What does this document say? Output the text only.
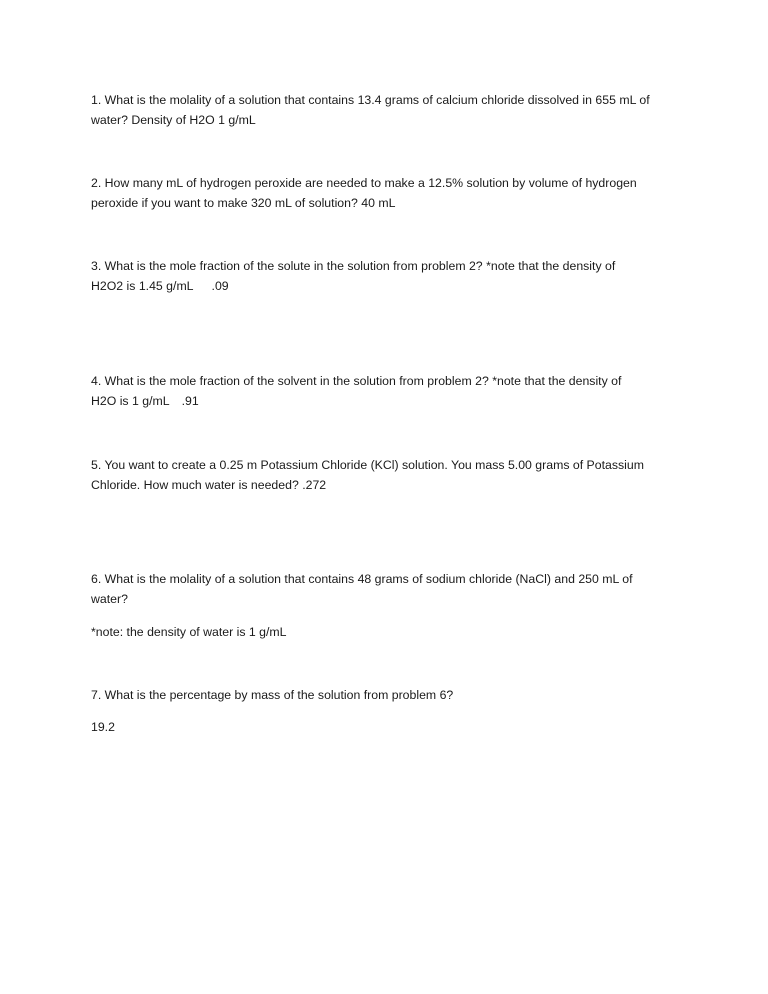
1. What is the molality of a solution that contains 13.4 grams of calcium chloride dissolved in 655 mL of
water? Density of H2O 1 g/mL

2. How many mL of hydrogen peroxide are needed to make a 12.5% solution by volume of hydrogen
peroxide if you want to make 320 mL of solution? 40 mL

3. What is the mole fraction of the solute in the solution from problem 2? *note that the density of
H2O2 is 1.45 g/mL .09

4. What is the mole fraction of the solvent in the solution from problem 2? *note that the density of
H2O is 1 g/mL .91

5. You want to create a 0.25 m Potassium Chloride (KCl) solution. You mass 5.00 grams of Potassium
Chloride. How much water is needed? .272

6. What is the molality of a solution that contains 48 grams of sodium chloride (NaCl) and 250 mL of
water?

*note: the density of water is 1 g/mL

7. What is the percentage by mass of the solution from problem 6?

19.2
